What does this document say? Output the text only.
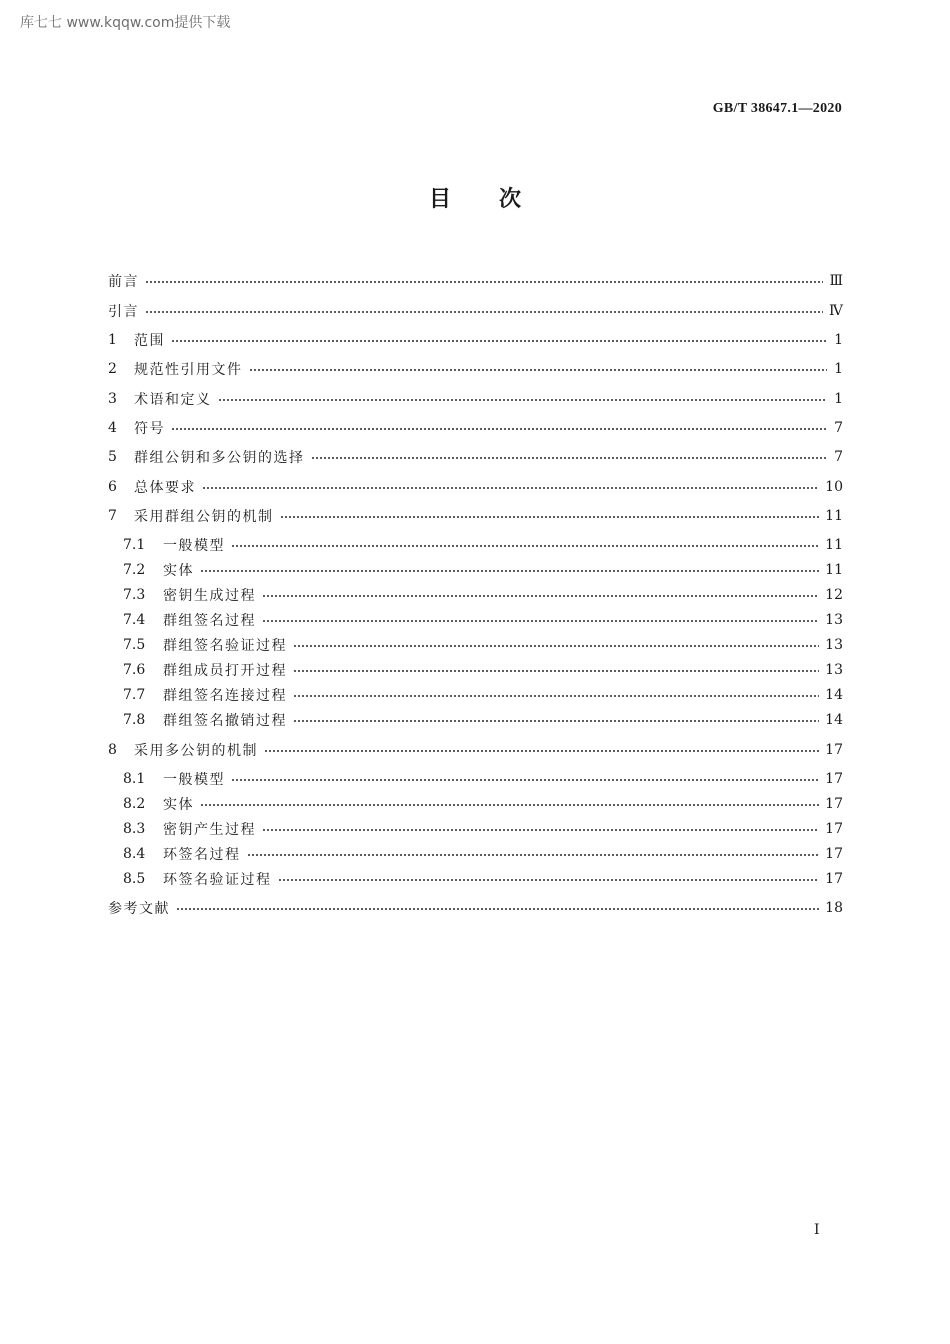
库七七 www.kqqw.com提供下载
GB/T 38647.1—2020
目次
前言	Ⅲ
引言	Ⅳ
1	范围	1
2	规范性引用文件	1
3	术语和定义	1
4	符号	7
5	群组公钥和多公钥的选择	7
6	总体要求	10
7	采用群组公钥的机制	11
7.1	一般模型	11
7.2	实体	11
7.3	密钥生成过程	12
7.4	群组签名过程	13
7.5	群组签名验证过程	13
7.6	群组成员打开过程	13
7.7	群组签名连接过程	14
7.8	群组签名撤销过程	14
8	采用多公钥的机制	17
8.1	一般模型	17
8.2	实体	17
8.3	密钥产生过程	17
8.4	环签名过程	17
8.5	环签名验证过程	17
参考文献	18
I
